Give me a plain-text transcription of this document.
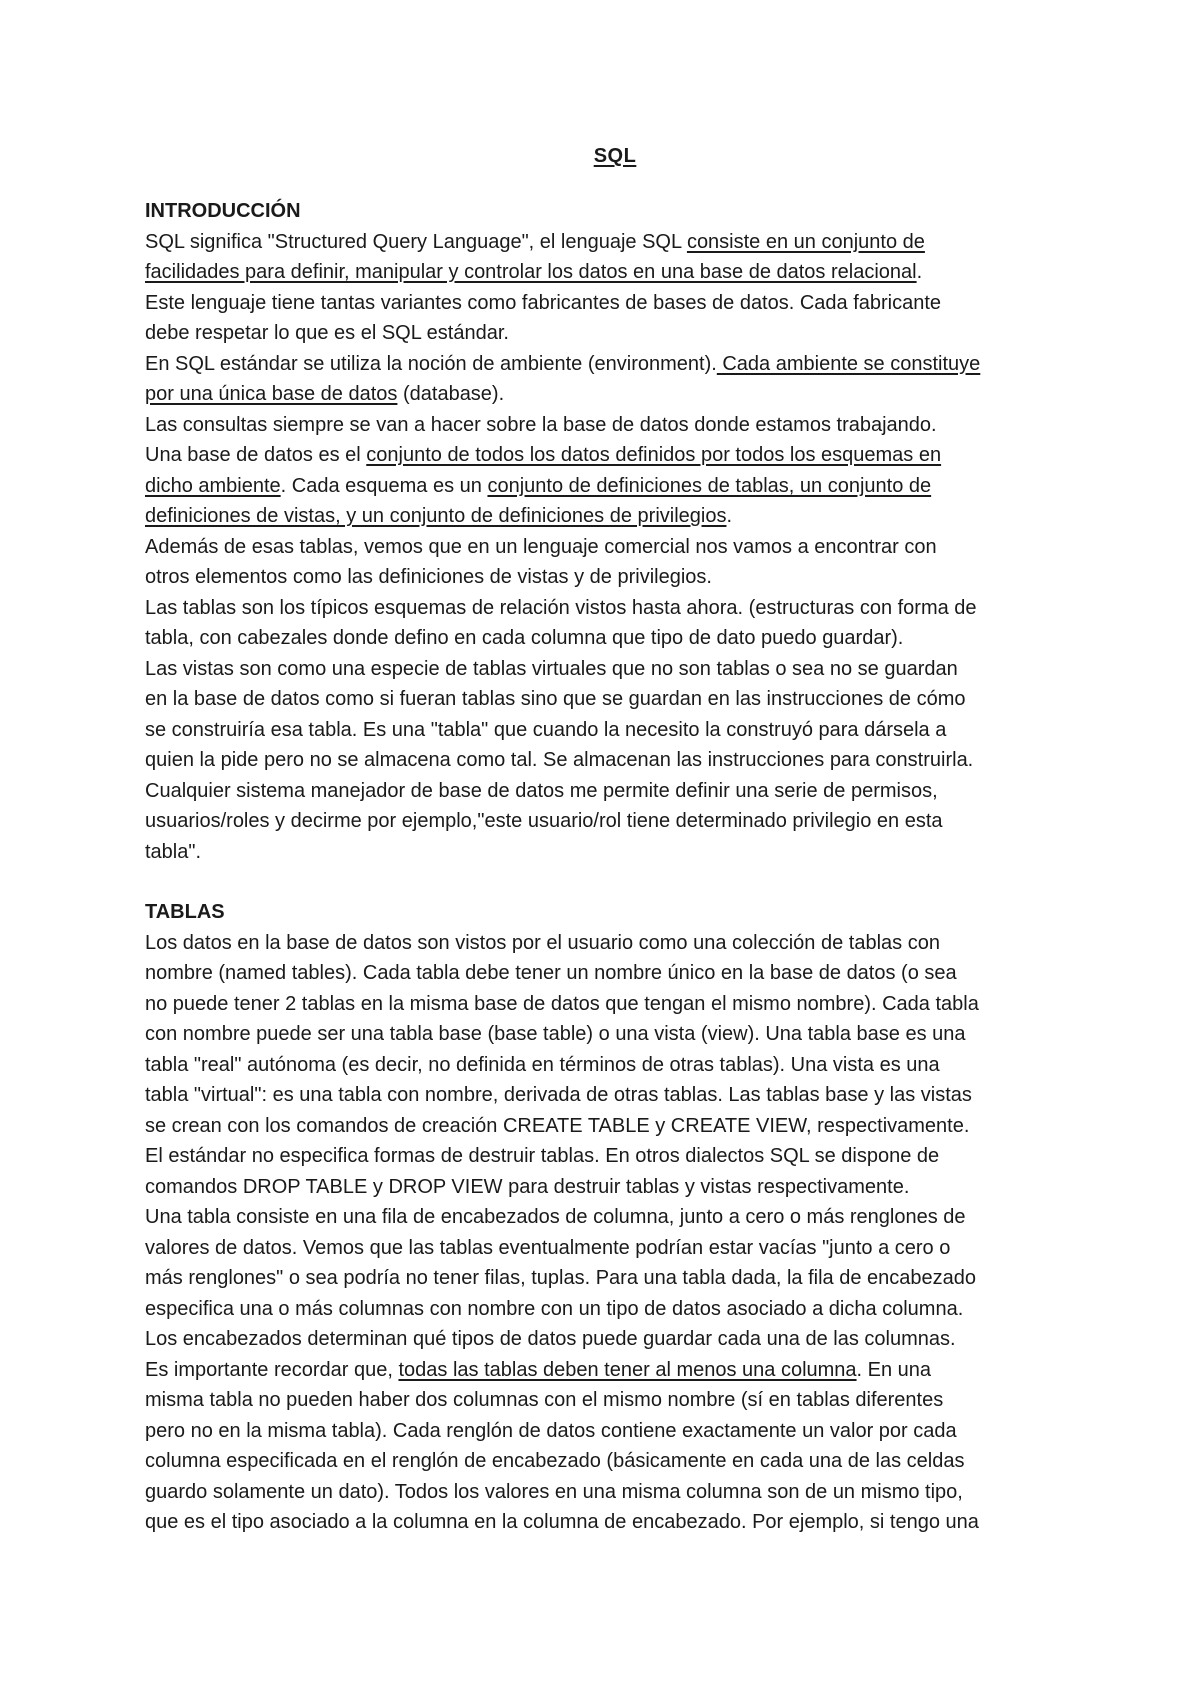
SQL
INTRODUCCIÓN
SQL significa "Structured Query Language", el lenguaje SQL consiste en un conjunto de
facilidades para definir, manipular y controlar los datos en una base de datos relacional.
Este lenguaje tiene tantas variantes como fabricantes de bases de datos. Cada fabricante
debe respetar lo que es el SQL estándar.
En SQL estándar se utiliza la noción de ambiente (environment). Cada ambiente se constituye
por una única base de datos (database).
Las consultas siempre se van a hacer sobre la base de datos donde estamos trabajando.
Una base de datos es el conjunto de todos los datos definidos por todos los esquemas en
dicho ambiente. Cada esquema es un conjunto de definiciones de tablas, un conjunto de
definiciones de vistas, y un conjunto de definiciones de privilegios.
Además de esas tablas, vemos que en un lenguaje comercial nos vamos a encontrar con
otros elementos como las definiciones de vistas y de privilegios.
Las tablas son los típicos esquemas de relación vistos hasta ahora. (estructuras con forma de
tabla, con cabezales donde defino en cada columna que tipo de dato puedo guardar).
Las vistas son como una especie de tablas virtuales que no son tablas o sea no se guardan
en la base de datos como si fueran tablas sino que se guardan en las instrucciones de cómo
se construiría esa tabla. Es una "tabla" que cuando la necesito la construyó para dársela a
quien la pide pero no se almacena como tal. Se almacenan las instrucciones para construirla.
Cualquier sistema manejador de base de datos me permite definir una serie de permisos,
usuarios/roles y decirme por ejemplo,"este usuario/rol tiene determinado privilegio en esta
tabla".
TABLAS
Los datos en la base de datos son vistos por el usuario como una colección de tablas con
nombre (named tables). Cada tabla debe tener un nombre único en la base de datos (o sea
no puede tener 2 tablas en la misma base de datos que tengan el mismo nombre). Cada tabla
con nombre puede ser una tabla base (base table) o una vista (view). Una tabla base es una
tabla "real" autónoma (es decir, no definida en términos de otras tablas). Una vista es una
tabla "virtual": es una tabla con nombre, derivada de otras tablas. Las tablas base y las vistas
se crean con los comandos de creación CREATE TABLE y CREATE VIEW, respectivamente.
El estándar no especifica formas de destruir tablas. En otros dialectos SQL se dispone de
comandos DROP TABLE y DROP VIEW para destruir tablas y vistas respectivamente.
Una tabla consiste en una fila de encabezados de columna, junto a cero o más renglones de
valores de datos. Vemos que las tablas eventualmente podrían estar vacías "junto a cero o
más renglones" o sea podría no tener filas, tuplas. Para una tabla dada, la fila de encabezado
especifica una o más columnas con nombre con un tipo de datos asociado a dicha columna.
Los encabezados determinan qué tipos de datos puede guardar cada una de las columnas.
Es importante recordar que, todas las tablas deben tener al menos una columna. En una
misma tabla no pueden haber dos columnas con el mismo nombre (sí en tablas diferentes
pero no en la misma tabla). Cada renglón de datos contiene exactamente un valor por cada
columna especificada en el renglón de encabezado (básicamente en cada una de las celdas
guardo solamente un dato). Todos los valores en una misma columna son de un mismo tipo,
que es el tipo asociado a la columna en la columna de encabezado. Por ejemplo, si tengo una
